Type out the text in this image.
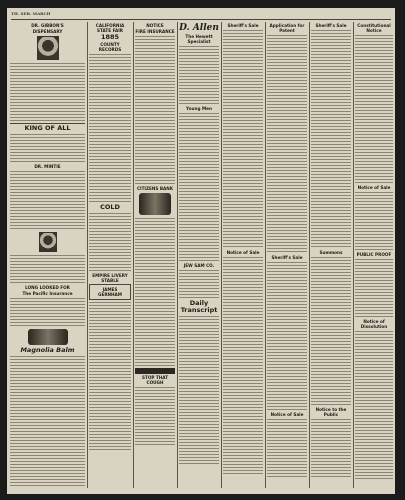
TH. SEB. MARCH
DR. GIBBON'S
DISPENSARY
KING OF ALL
DR. MINTIE
LONG LOOKED FOR
The Pacific Insurance
Magnolia Balm
CALIFORNIA STATE FAIR
1885
COUNTY RECORDS
COLD
EMPIRE LIVERY STABLE
JAMES GERNHAM
NOTICE
FIRE INSURANCE
CITIZENS BANK
STOP THAT COUGH
D. Allen
The Hewett Specialist
Young Men
JEW SAM CO.
Daily Transcript
Sheriff's Sale
Notice of Sale
Application for Patent
Sheriff's Sale
Notice of Sale
Sheriff's Sale
Summons
Notice to the Public
Constitutional Notice
Notice of Sale
PUBLIC PROOF
Notice of Dissolution
